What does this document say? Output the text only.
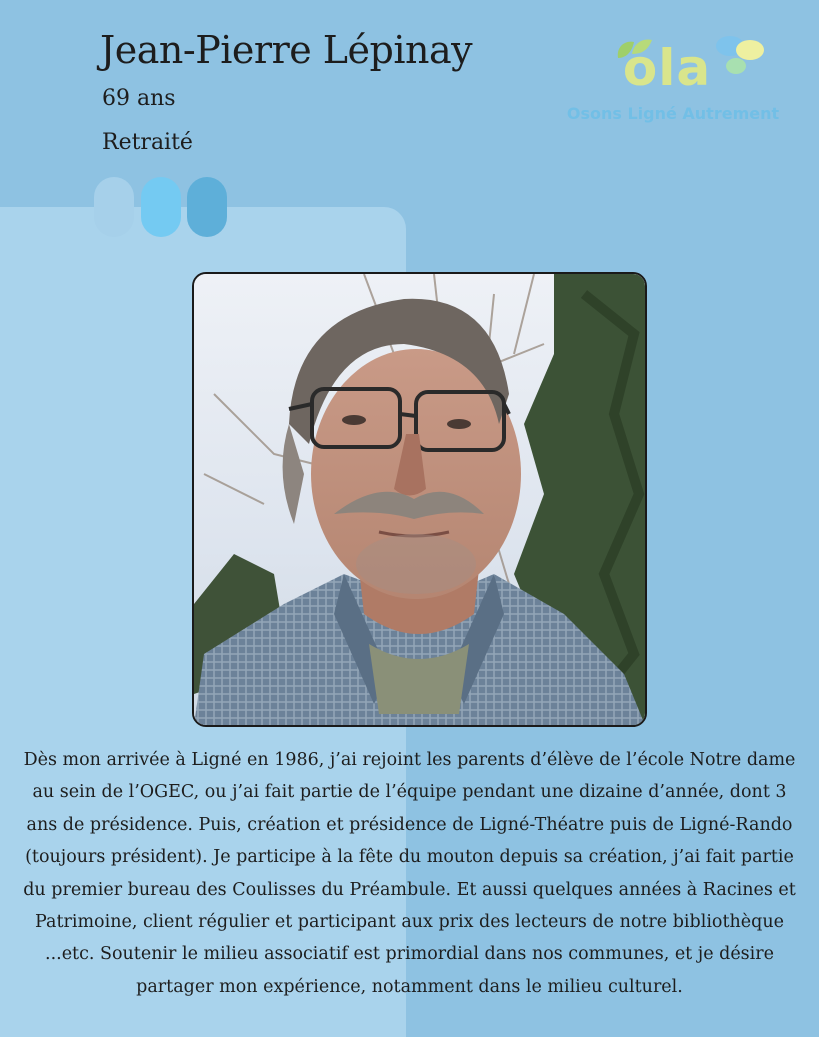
Jean-Pierre Lépinay
69 ans
Retraité
ola
Osons Ligné Autrement

Dès mon arrivée à Ligné en 1986, j’ai rejoint les parents d’élève de l’école Notre dame au sein de l’OGEC, ou j’ai fait partie de l’équipe pendant une dizaine d’année, dont 3 ans de présidence. Puis, création et présidence de Ligné-Théatre puis de Ligné-Rando (toujours président). Je participe à la fête du mouton depuis sa création, j’ai fait partie du premier bureau des Coulisses du Préambule. Et aussi quelques années à Racines et Patrimoine, client régulier et participant aux prix des lecteurs de notre bibliothèque ...etc. Soutenir le milieu associatif est primordial dans nos communes, et je désire partager mon expérience, notamment dans le milieu culturel.
